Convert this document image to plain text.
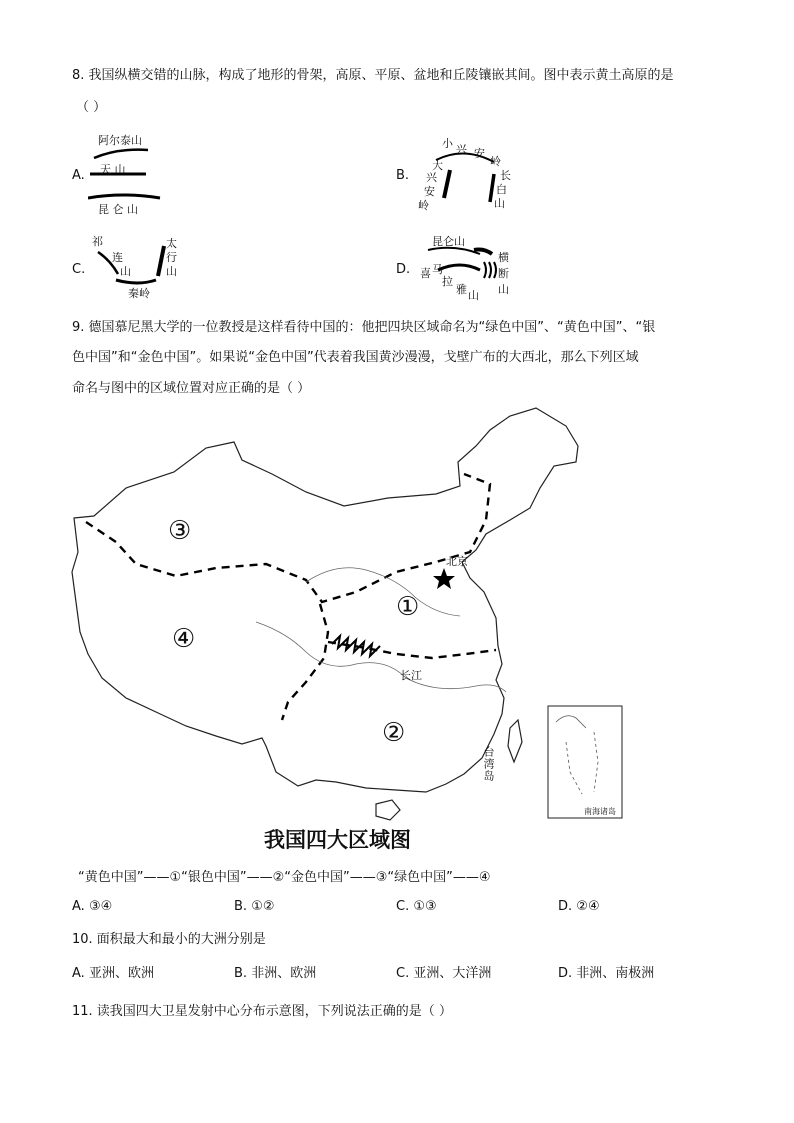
8. 我国纵横交错的山脉，构成了地形的骨架，高原、平原、盆地和丘陵镶嵌其间。图中表示黄土高原的是
（ ）
A.
阿尔泰山
天 山
昆 仑 山
B.
小 兴 安
岭
大
兴
安
岭
长
白
山
C.
祁
连
山
太
行
山
秦岭
D.
昆仑山
横
断
山
喜 马
拉
雅 山
9. 德国慕尼黑大学的一位教授是这样看待中国的：他把四块区域命名为“绿色中国”、“黄色中国”、“银
色中国”和“金色中国”。如果说“金色中国”代表着我国黄沙漫漫，戈壁广布的大西北，那么下列区域
命名与图中的区域位置对应正确的是（ ）
③
④
①
②
北京
长江
台湾岛
南海诸岛
我国四大区域图
“黄色中国”——①“银色中国”——②“金色中国”——③“绿色中国”——④
A. ③④	B. ①②	C. ①③	D. ②④
10. 面积最大和最小的大洲分别是
A. 亚洲、欧洲	B. 非洲、欧洲	C. 亚洲、大洋洲	D. 非洲、南极洲
11. 读我国四大卫星发射中心分布示意图，下列说法正确的是（ ）
